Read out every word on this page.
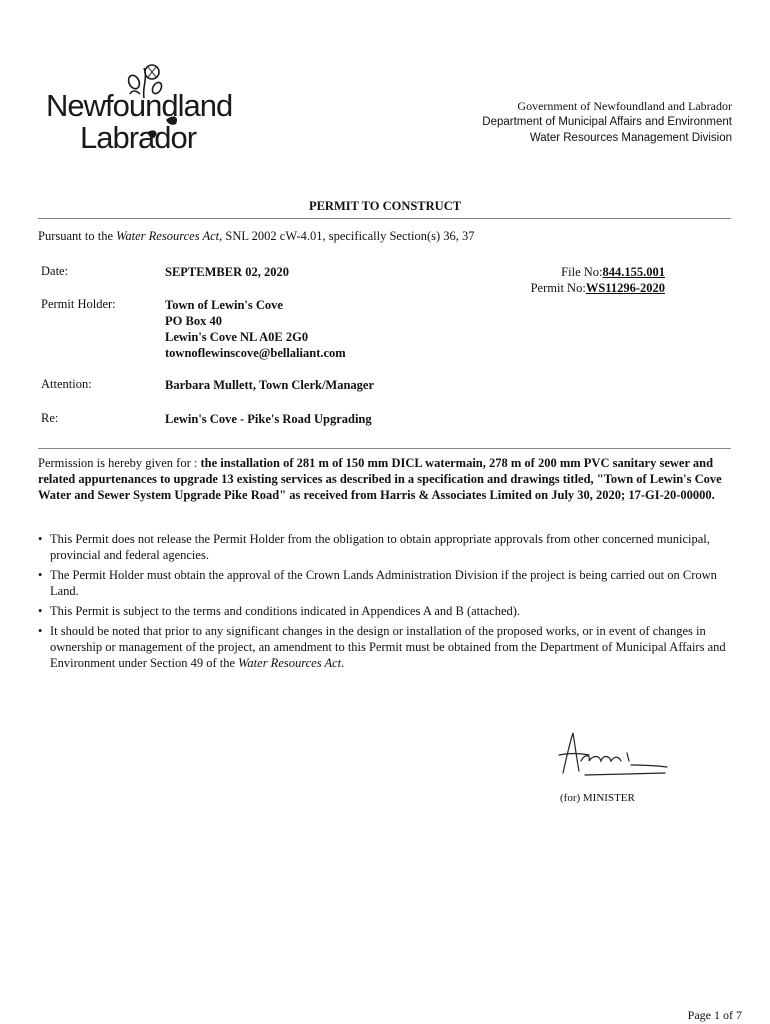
Newfoundland
Labrador
Government of Newfoundland and Labrador
Department of Municipal Affairs and Environment
Water Resources Management Division
PERMIT TO CONSTRUCT
Pursuant to the Water Resources Act, SNL 2002 cW-4.01, specifically Section(s) 36, 37
Date:	SEPTEMBER 02, 2020	File No:844.155.001
Permit No:WS11296-2020
Permit Holder:	Town of Lewin's Cove
PO Box 40
Lewin's Cove NL A0E 2G0
townoflewinscove@bellaliant.com
Attention:	Barbara Mullett, Town Clerk/Manager
Re:	Lewin's Cove - Pike's Road Upgrading
Permission is hereby given for : the installation of 281 m of 150 mm DICL watermain, 278 m of 200 mm PVC sanitary sewer and related appurtenances to upgrade 13 existing services as described in a specification and drawings titled, "Town of Lewin's Cove Water and Sewer System Upgrade Pike Road" as received from Harris & Associates Limited on July 30, 2020; 17-GI-20-00000.
• This Permit does not release the Permit Holder from the obligation to obtain appropriate approvals from other concerned municipal, provincial and federal agencies.
• The Permit Holder must obtain the approval of the Crown Lands Administration Division if the project is being carried out on Crown Land.
• This Permit is subject to the terms and conditions indicated in Appendices A and B (attached).
• It should be noted that prior to any significant changes in the design or installation of the proposed works, or in event of changes in ownership or management of the project, an amendment to this Permit must be obtained from the Department of Municipal Affairs and Environment under Section 49 of the Water Resources Act.
(for) MINISTER
Page 1 of 7
